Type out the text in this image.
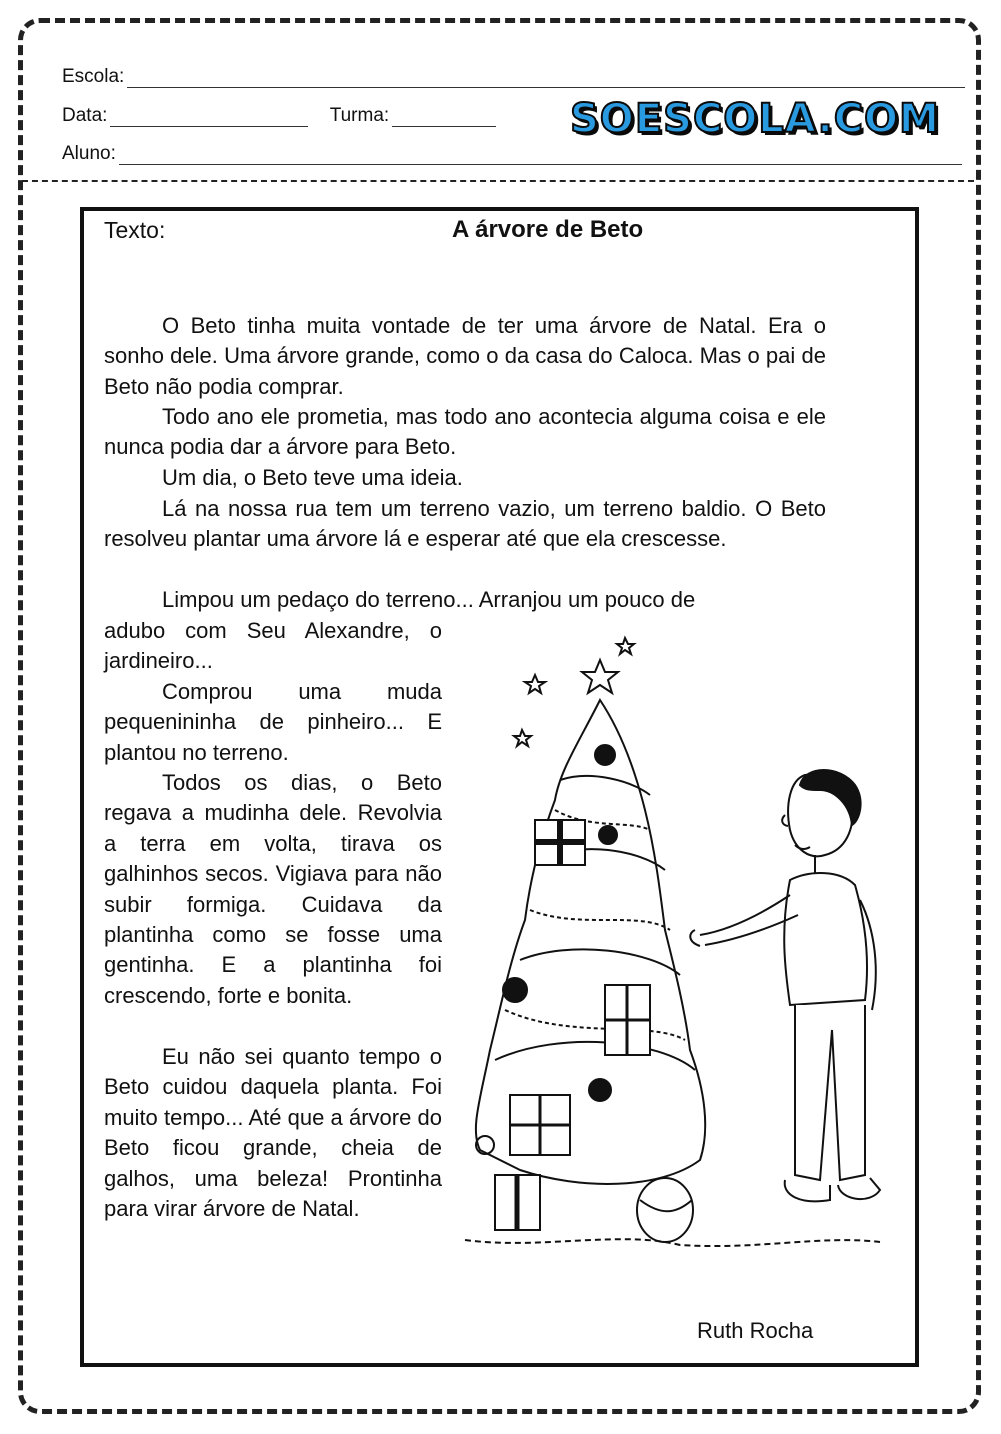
Escola:
Data:	Turma:
Aluno:
SOESCOLA.COM
Texto:	A árvore de Beto

O Beto tinha muita vontade de ter uma árvore de Natal. Era o sonho dele. Uma árvore grande, como o da casa do Caloca. Mas o pai de Beto não podia comprar.

Todo ano ele prometia, mas todo ano acontecia alguma coisa e ele nunca podia dar a árvore para Beto.

Um dia, o Beto teve uma ideia.

Lá na nossa rua tem um terreno vazio, um terreno baldio. O Beto resolveu plantar uma árvore lá e esperar até que ela crescesse.

Limpou um pedaço do terreno... Arranjou um pouco de

adubo com Seu Alexandre, o jardineiro...

Comprou uma muda pequenininha de pinheiro... E plantou no terreno.

Todos os dias, o Beto regava a mudinha dele. Revolvia a terra em volta, tirava os galhinhos secos. Vigiava para não subir formiga. Cuidava da plantinha como se fosse uma gentinha. E a plantinha foi crescendo, forte e bonita.

Eu não sei quanto tempo o Beto cuidou daquela planta. Foi muito tempo... Até que a árvore do Beto ficou grande, cheia de galhos, uma beleza! Prontinha para virar árvore de Natal.

Ruth Rocha
